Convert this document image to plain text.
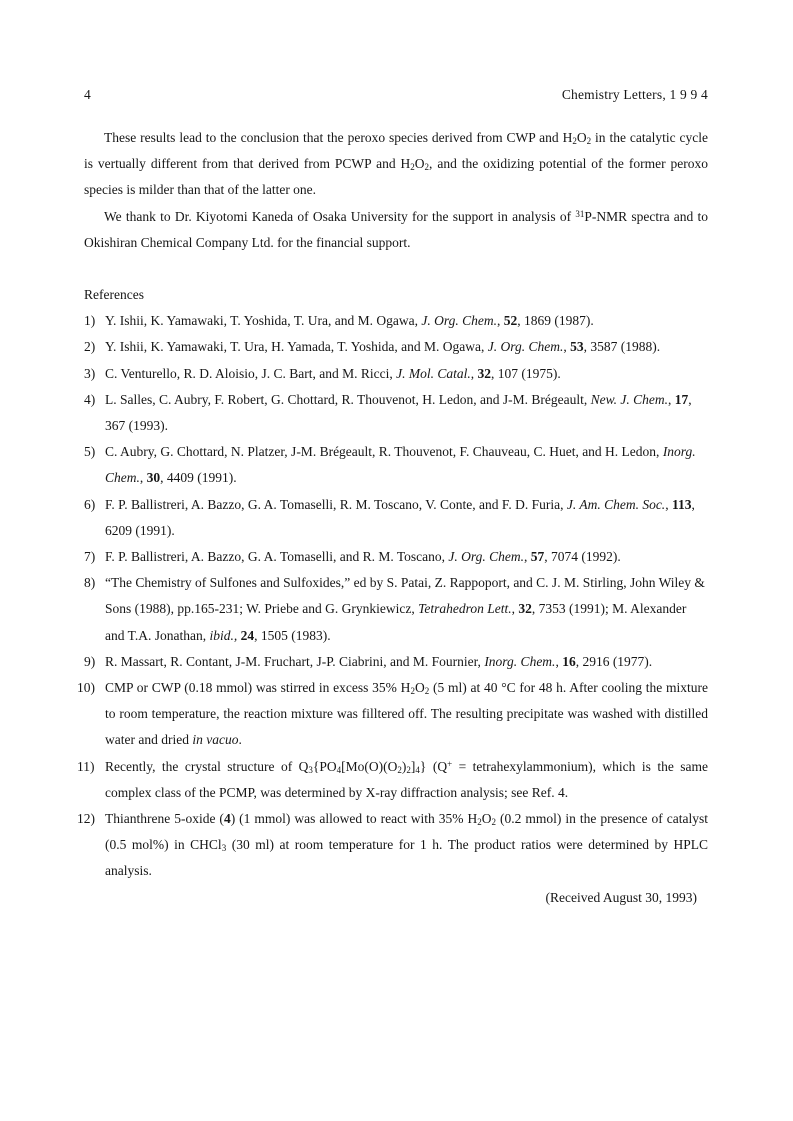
4	Chemistry Letters, 1 9 9 4

These results lead to the conclusion that the peroxo species derived from CWP and $H_2O_2$ in the catalytic cycle is vertually different from that derived from PCWP and $H_2O_2$, and the oxidizing potential of the former peroxo species is milder than that of the latter one.

We thank to Dr. Kiyotomi Kaneda of Osaka University for the support in analysis of $^{31}$P-NMR spectra and to Okishiran Chemical Company Ltd. for the financial support.

References

1) Y. Ishii, K. Yamawaki, T. Yoshida, T. Ura, and M. Ogawa, J. Org. Chem., 52, 1869 (1987).

2) Y. Ishii, K. Yamawaki, T. Ura, H. Yamada, T. Yoshida, and M. Ogawa, J. Org. Chem., 53, 3587 (1988).

3) C. Venturello, R. D. Aloisio, J. C. Bart, and M. Ricci, J. Mol. Catal., 32, 107 (1975).

4) L. Salles, C. Aubry, F. Robert, G. Chottard, R. Thouvenot, H. Ledon, and J-M. Brégeault, New. J. Chem., 17, 367 (1993).

5) C. Aubry, G. Chottard, N. Platzer, J-M. Brégeault, R. Thouvenot, F. Chauveau, C. Huet, and H. Ledon, Inorg. Chem., 30, 4409 (1991).

6) F. P. Ballistreri, A. Bazzo, G. A. Tomaselli, R. M. Toscano, V. Conte, and F. D. Furia, J. Am. Chem. Soc., 113, 6209 (1991).

7) F. P. Ballistreri, A. Bazzo, G. A. Tomaselli, and R. M. Toscano, J. Org. Chem., 57, 7074 (1992).

8) “The Chemistry of Sulfones and Sulfoxides,” ed by S. Patai, Z. Rappoport, and C. J. M. Stirling, John Wiley & Sons (1988), pp.165-231; W. Priebe and G. Grynkiewicz, Tetrahedron Lett., 32, 7353 (1991); M. Alexander and T.A. Jonathan, ibid., 24, 1505 (1983).

9) R. Massart, R. Contant, J-M. Fruchart, J-P. Ciabrini, and M. Fournier, Inorg. Chem., 16, 2916 (1977).

10) CMP or CWP (0.18 mmol) was stirred in excess 35% $H_2O_2$ (5 ml) at 40 °C for 48 h. After cooling the mixture to room temperature, the reaction mixture was filltered off. The resulting precipitate was washed with distilled water and dried in vacuo.

11) Recently, the crystal structure of $Q_3\{PO_4[Mo(O)(O_2)_2]_4\} (Q^+$ = tetrahexylammonium), which is the same complex class of the PCMP, was determined by X-ray diffraction analysis; see Ref. 4.

12) Thianthrene 5-oxide (4) (1 mmol) was allowed to react with 35% $H_2O_2$ (0.2 mmol) in the presence of catalyst (0.5 mol%) in CHCl$_3$ (30 ml) at room temperature for 1 h. The product ratios were determined by HPLC analysis.

(Received August 30, 1993)
